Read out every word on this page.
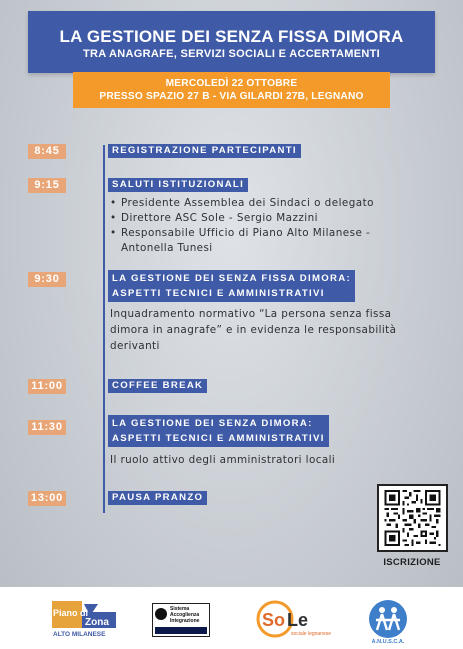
LA GESTIONE DEI SENZA FISSA DIMORA
TRA ANAGRAFE, SERVIZI SOCIALI E ACCERTAMENTI
MERCOLEDÌ 22 OTTOBRE
PRESSO SPAZIO 27 B - VIA GILARDI 27B, LEGNANO
8:45	REGISTRAZIONE PARTECIPANTI
9:15	SALUTI ISTITUZIONALI
• Presidente Assemblea dei Sindaci o delegato
• Direttore ASC Sole - Sergio Mazzini
• Responsabile Ufficio di Piano Alto Milanese -
Antonella Tunesi
9:30	LA GESTIONE DEI SENZA FISSA DIMORA:
ASPETTI TECNICI E AMMINISTRATIVI
Inquadramento normativo “La persona senza fissa
dimora in anagrafe” e in evidenza le responsabilità
derivanti
11:00	COFFEE BREAK
11:30	LA GESTIONE DEI SENZA DIMORA:
ASPETTI TECNICI E AMMINISTRATIVI
Il ruolo attivo degli amministratori locali
13:00	PAUSA PRANZO
ISCRIZIONE
Piano di
Zona
ALTO MILANESE
Sistema
Accoglienza
Integrazione	So Le
sociale legnanese
A.N.U.S.C.A.
